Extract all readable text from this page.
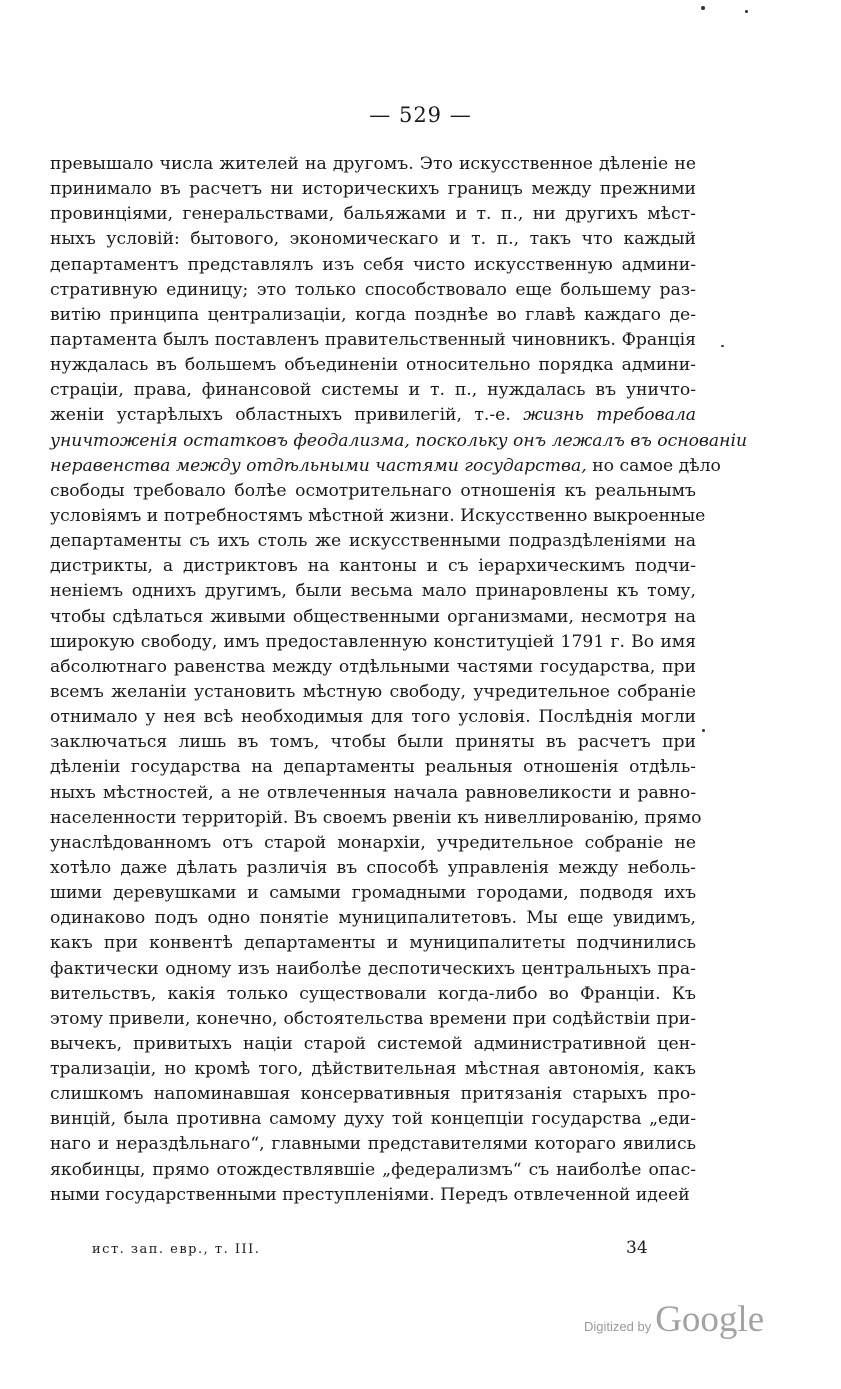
— 529 —
превышало числа жителей на другомъ. Это искусственное дѣленіе не
принимало въ расчетъ ни историческихъ границъ между прежними
провинціями, генеральствами, бальяжами и т. п., ни другихъ мѣст-
ныхъ условій: бытового, экономическаго и т. п., такъ что каждый
департаментъ представлялъ изъ себя чисто искусственную админи-
стративную единицу; это только способствовало еще большему раз-
витію принципа централизаціи, когда позднѣе во главѣ каждаго де-
партамента былъ поставленъ правительственный чиновникъ. Франція
нуждалась въ большемъ объединеніи относительно порядка админи-
страціи, права, финансовой системы и т. п., нуждалась въ уничто-
женіи устарѣлыхъ областныхъ привилегій, т.-е. жизнь требовала
уничтоженія остатковъ феодализма, поскольку онъ лежалъ въ основаніи
неравенства между отдѣльными частями государства, но самое дѣло
свободы требовало болѣе осмотрительнаго отношенія къ реальнымъ
условіямъ и потребностямъ мѣстной жизни. Искусственно выкроенные
департаменты съ ихъ столь же искусственными подраздѣленіями на
дистрикты, а дистриктовъ на кантоны и съ іерархическимъ подчи-
неніемъ однихъ другимъ, были весьма мало принаровлены къ тому,
чтобы сдѣлаться живыми общественными организмами, несмотря на
широкую свободу, имъ предоставленную конституціей 1791 г. Во имя
абсолютнаго равенства между отдѣльными частями государства, при
всемъ желаніи установить мѣстную свободу, учредительное собраніе
отнимало у нея всѣ необходимыя для того условія. Послѣднія могли
заключаться лишь въ томъ, чтобы были приняты въ расчетъ при
дѣленіи государства на департаменты реальныя отношенія отдѣль-
ныхъ мѣстностей, а не отвлеченныя начала равновеликости и равно-
населенности территорій. Въ своемъ рвеніи къ нивеллированію, прямо
унаслѣдованномъ отъ старой монархіи, учредительное собраніе не
хотѣло даже дѣлать различія въ способѣ управленія между неболь-
шими деревушками и самыми громадными городами, подводя ихъ
одинаково подъ одно понятіе муниципалитетовъ. Мы еще увидимъ,
какъ при конвентѣ департаменты и муниципалитеты подчинились
фактически одному изъ наиболѣе деспотическихъ центральныхъ пра-
вительствъ, какія только существовали когда-либо во Франціи. Къ
этому привели, конечно, обстоятельства времени при содѣйствіи при-
вычекъ, привитыхъ націи старой системой административной цен-
трализаціи, но кромѣ того, дѣйствительная мѣстная автономія, какъ
слишкомъ напоминавшая консервативныя притязанія старыхъ про-
винцій, была противна самому духу той концепціи государства „еди-
наго и нераздѣльнаго“, главными представителями котораго явились
якобинцы, прямо отождествлявшіе „федерализмъ“ съ наиболѣе опас-
ными государственными преступленіями. Передъ отвлеченной идеей
ист. зап. евр., т. III.	34
Digitized by Google
